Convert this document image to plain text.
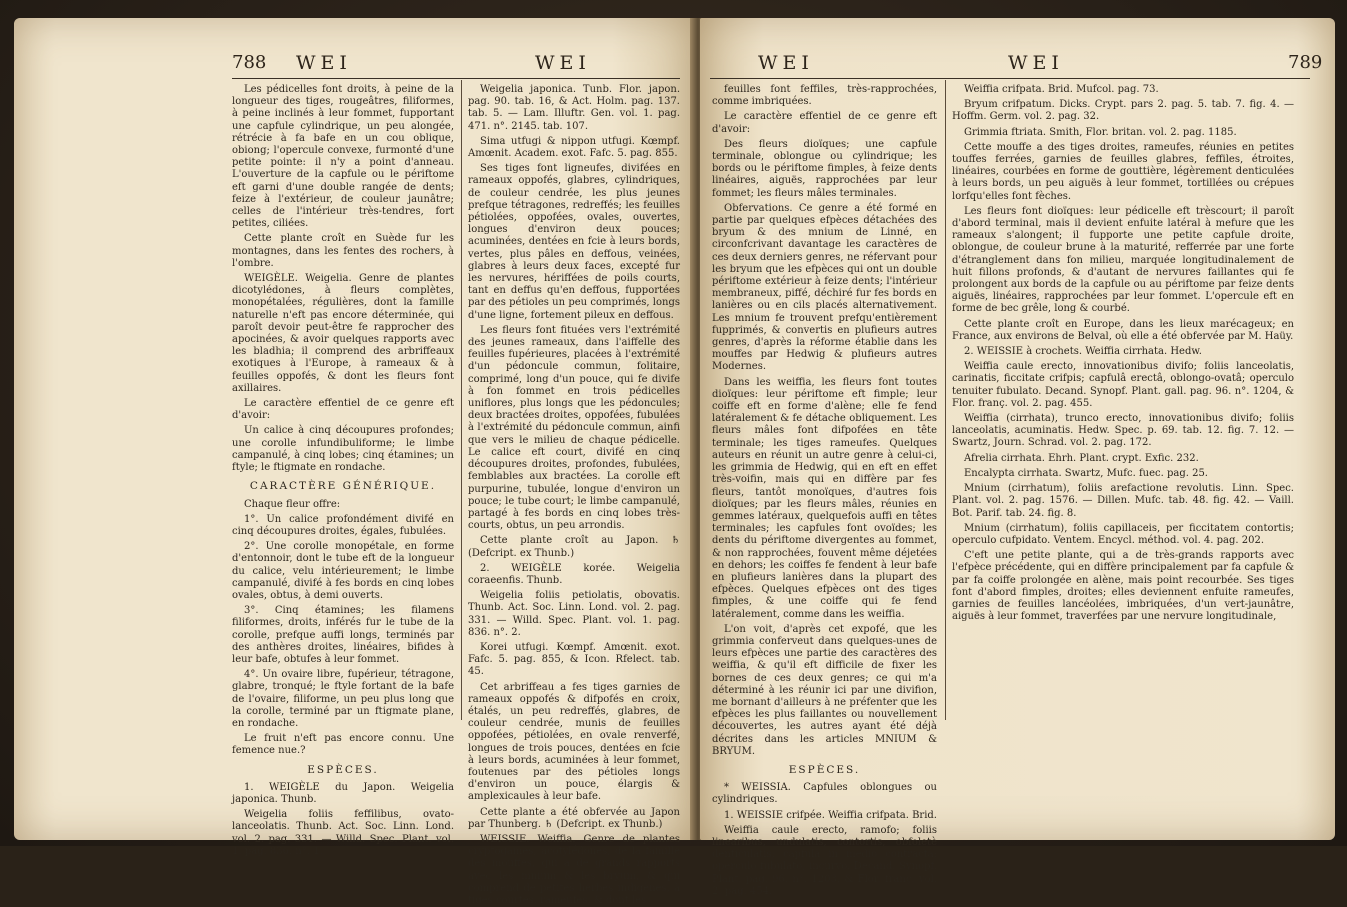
788 WEI	WEI	WEI	WEI	789

Les pédicelles font droits, à peine de la longueur des tiges, rougeâtres, filiformes, à peine inclinés à leur fommet, fupportant une capfule cylindrique, un peu alongée, rétrécie à fa bafe en un cou oblique, obiong; l'opercule convexe, furmonté d'une petite pointe: il n'y a point d'anneau. L'ouverture de la capfule ou le périftome eft garni d'une double rangée de dents; feize à l'extérieur, de couleur jaunâtre; celles de l'intérieur très-tendres, fort petites, ciliées.

Cette plante croît en Suède fur les montagnes, dans les fentes des rochers, à l'ombre.

WEIGÈLE. Weigelia. Genre de plantes dicotylédones, à fleurs complètes, monopétalées, régulières, dont la famille naturelle n'eft pas encore déterminée, qui paroît devoir peut-être fe rapprocher des apocinées, & avoir quelques rapports avec les bladhia; il comprend des arbriffeaux exotiques à l'Europe, à rameaux & à feuilles oppofés, & dont les fleurs font axillaires.

Le caractère effentiel de ce genre eft d'avoir:

Un calice à cinq découpures profondes; une corolle infundibuliforme; le limbe campanulé, à cinq lobes; cinq étamines; un ftyle; le ftigmate en rondache.

CARACTÈRE GÉNÉRIQUE.

Chaque fleur offre:

1°. Un calice profondément divifé en cinq découpures droites, égales, fubulées.

2°. Une corolle monopétale, en forme d'entonnoir, dont le tube eft de la longueur du calice, velu intérieurement; le limbe campanulé, divifé à fes bords en cinq lobes ovales, obtus, à demi ouverts.

3°. Cinq étamines; les filamens filiformes, droits, inférés fur le tube de la corolle, prefque auffi longs, terminés par des anthères droites, linéaires, bifides à leur bafe, obtufes à leur fommet.

4°. Un ovaire libre, fupérieur, tétragone, glabre, tronqué; le ftyle fortant de la bafe de l'ovaire, filiforme, un peu plus long que la corolle, terminé par un ftigmate plane, en rondache.

Le fruit n'eft pas encore connu. Une femence nue.?

ESPÈCES.

1. WEIGÈLE du Japon. Weigelia japonica. Thunb.

Weigelia foliis feffilibus, ovato-lanceolatis. Thunb. Act. Soc. Linn. Lond. vol. 2. pag. 331. — Willd. Spec. Plant. vol. 1. pag. 836. n°. 1.

Weigelia japonica. Tunb. Flor. japon. pag. 90. tab. 16, & Act. Holm. pag. 137. tab. 5. — Lam. Illuftr. Gen. vol. 1. pag. 471. n°. 2145. tab. 107.

Sima utfugi & nippon utfugi. Kœmpf. Amœnit. Academ. exot. Fafc. 5. pag. 855.

Ses tiges font ligneufes, divifées en rameaux oppofés, glabres, cylindriques, de couleur cendrée, les plus jeunes prefque tétragones, redreffés; les feuilles pétiolées, oppofées, ovales, ouvertes, longues d'environ deux pouces; acuminées, dentées en fcie à leurs bords, vertes, plus pâles en deffous, veinées, glabres à leurs deux faces, excepté fur les nervures, hériffées de poils courts, tant en deffus qu'en deffous, fupportées par des pétioles un peu comprimés, longs d'une ligne, fortement pileux en deffous.

Les fleurs font fituées vers l'extrémité des jeunes rameaux, dans l'aiffelle des feuilles fupérieures, placées à l'extrémité d'un pédoncule commun, folitaire, comprimé, long d'un pouce, qui fe divife à fon fommet en trois pédicelles uniflores, plus longs que les pédoncules; deux bractées droites, oppofées, fubulées à l'extrémité du pédoncule commun, ainfi que vers le milieu de chaque pédicelle. Le calice eft court, divifé en cinq découpures droites, profondes, fubulées, femblables aux bractées. La corolle eft purpurine, tubulée, longue d'environ un pouce; le tube court; le limbe campanulé, partagé à fes bords en cinq lobes très-courts, obtus, un peu arrondis.

Cette plante croît au Japon. ♄ (Defcript. ex Thunb.)

2. WEIGÈLE korée. Weigelia coraeenfis. Thunb.

Weigelia foliis petiolatis, obovatis. Thunb. Act. Soc. Linn. Lond. vol. 2. pag. 331. — Willd. Spec. Plant. vol. 1. pag. 836. n°. 2.

Korei utfugi. Kœmpf. Amœnit. exot. Fafc. 5. pag. 855, & Icon. Rfelect. tab. 45.

Cet arbriffeau a fes tiges garnies de rameaux oppofés & difpofés en croix, étalés, un peu redreffés, glabres, de couleur cendrée, munis de feuilles oppofées, pétiolées, en ovale renverfé, longues de trois pouces, dentées en fcie à leurs bords, acuminées à leur fommet, foutenues par des pétioles longs d'environ un pouce, élargis & amplexicaules à leur bafe.

Cette plante a été obfervée au Japon par Thunberg. ♄ (Defcript. ex Thunb.)

WEISSIE. Weiffia. Genre de plantes cryptogames, acotylédones, de la famille des mouffes, qui a de grands rapports avec les mnium & les bryum, & qui comprend de petites herbes indigènes, à tiges courtes, rameufes, & dont les

feuilles font feffiles, très-rapprochées, comme imbriquées.

Le caractère effentiel de ce genre eft d'avoir:

Des fleurs dioïques; une capfule terminale, oblongue ou cylindrique; les bords ou le périftome fimples, à feize dents linéaires, aiguës, rapprochées par leur fommet; les fleurs mâles terminales.

Obfervations. Ce genre a été formé en partie par quelques efpèces détachées des bryum & des mnium de Linné, en circonfcrivant davantage les caractères de ces deux derniers genres, ne réfervant pour les bryum que les efpèces qui ont un double périftome extérieur à feize dents; l'intérieur membraneux, piffé, déchiré fur fes bords en lanières ou en cils placés alternativement. Les mnium fe trouvent prefqu'entièrement fupprimés, & convertis en plufieurs autres genres, d'après la réforme établie dans les mouffes par Hedwig & plufieurs autres Modernes.

Dans les weiffia, les fleurs font toutes dioïques: leur périftome eft fimple; leur coiffe eft en forme d'alène; elle fe fend latéralement & fe détache obliquement. Les fleurs mâles font difpofées en tête terminale; les tiges rameufes. Quelques auteurs en réunit un autre genre à celui-ci, les grimmia de Hedwig, qui en eft en effet très-voifin, mais qui en diffère par fes fleurs, tantôt monoïques, d'autres fois dioïques; par les fleurs mâles, réunies en gemmes latéraux, quelquefois auffi en têtes terminales; les capfules font ovoïdes; les dents du périftome divergentes au fommet, & non rapprochées, fouvent même déjetées en dehors; les coiffes fe fendent à leur bafe en plufieurs lanières dans la plupart des efpèces. Quelques efpèces ont des tiges fimples, & une coiffe qui fe fend latéralement, comme dans les weiffia.

L'on voit, d'après cet expofé, que les grimmia conferveut dans quelques-unes de leurs efpèces une partie des caractères des weiffia, & qu'il eft difficile de fixer les bornes de ces deux genres; ce qui m'a déterminé à les réunir ici par une divifion, me bornant d'ailleurs à ne préfenter que les efpèces les plus faillantes ou nouvellement découvertes, les autres ayant été déjà décrites dans les articles MNIUM & BRYUM.

ESPÈCES.

* WEISSIA. Capfules oblongues ou cylindriques.

1. WEISSIE crifpée. Weiffia crifpata. Brid.

Weiffia caule erecto, ramofo; foliis linearibus, undulatis, contortis, obfoletè denticulatis; capfulâ in medio contractâ; operculo fubulato, incurvo. Decand. Synopf. Plant. pag. 96. n°. 1203, & Flor. franç. vol. 2. pag. 454.

Weiffia crifpata. Brid. Mufcol. pag. 73.

Bryum crifpatum. Dicks. Crypt. pars 2. pag. 5. tab. 7. fig. 4. — Hoffm. Germ. vol. 2. pag. 32.

Grimmia ftriata. Smith, Flor. britan. vol. 2. pag. 1185.

Cette mouffe a des tiges droites, rameufes, réunies en petites touffes ferrées, garnies de feuilles glabres, feffiles, étroites, linéaires, courbées en forme de gouttière, légèrement denticulées à leurs bords, un peu aiguës à leur fommet, tortillées ou crépues lorfqu'elles font fèches.

Les fleurs font dioïques: leur pédicelle eft trèscourt; il paroît d'abord terminal, mais il devient enfuite latéral à mefure que les rameaux s'alongent; il fupporte une petite capfule droite, oblongue, de couleur brune à la maturité, refferrée par une forte d'étranglement dans fon milieu, marquée longitudinalement de huit fillons profonds, & d'autant de nervures faillantes qui fe prolongent aux bords de la capfule ou au périftome par feize dents aiguës, linéaires, rapprochées par leur fommet. L'opercule eft en forme de bec grêle, long & courbé.

Cette plante croît en Europe, dans les lieux marécageux; en France, aux environs de Belval, où elle a été obfervée par M. Haüy.

2. WEISSIE à crochets. Weiffia cirrhata. Hedw.

Weiffia caule erecto, innovationibus divifo; foliis lanceolatis, carinatis, ficcitate crifpis; capfulâ erectâ, oblongo-ovatâ; operculo tenuiter fubulato. Decand. Synopf. Plant. gall. pag. 96. n°. 1204, & Flor. franç. vol. 2. pag. 455.

Weiffia (cirrhata), trunco erecto, innovationibus divifo; foliis lanceolatis, acuminatis. Hedw. Spec. p. 69. tab. 12. fig. 7. 12. — Swartz, Journ. Schrad. vol. 2. pag. 172.

Afrelia cirrhata. Ehrh. Plant. crypt. Exfic. 232.

Encalypta cirrhata. Swartz, Mufc. fuec. pag. 25.

Mnium (cirrhatum), foliis arefactione revolutis. Linn. Spec. Plant. vol. 2. pag. 1576. — Dillen. Mufc. tab. 48. fig. 42. — Vaill. Bot. Parif. tab. 24. fig. 8.

Mnium (cirrhatum), foliis capillaceis, per ficcitatem contortis; operculo cufpidato. Ventem. Encycl. méthod. vol. 4. pag. 202.

C'eft une petite plante, qui a de très-grands rapports avec l'efpèce précédente, qui en diffère principalement par fa capfule & par fa coiffe prolongée en alène, mais point recourbée. Ses tiges font d'abord fimples, droites; elles deviennent enfuite rameufes, garnies de feuilles lancéolées, imbriquées, d'un vert-jaunâtre, aiguës à leur fommet, traverfées par une nervure longitudinale,
